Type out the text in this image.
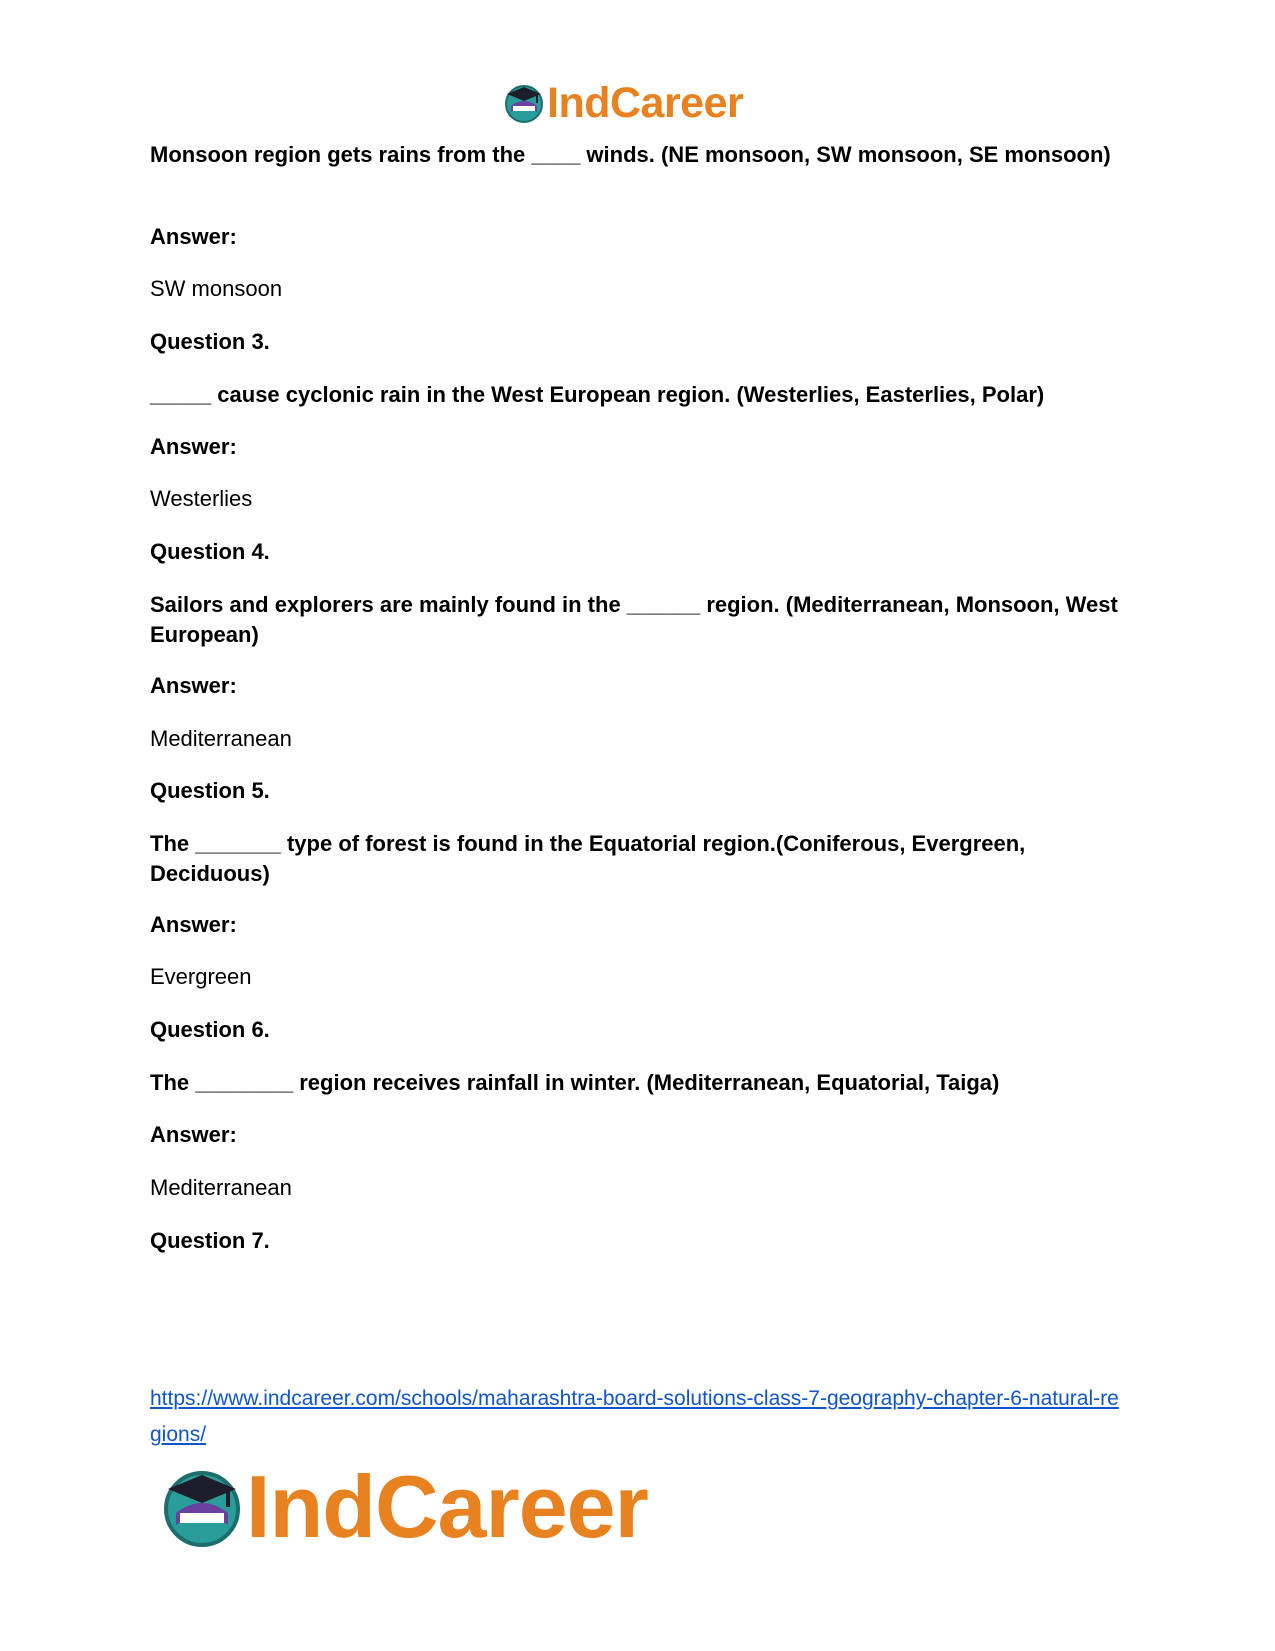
IndCareer
Monsoon region gets rains from the ____ winds. (NE monsoon, SW monsoon, SE monsoon)
Answer:
SW monsoon
Question 3.
_____ cause cyclonic rain in the West European region. (Westerlies, Easterlies, Polar)
Answer:
Westerlies
Question 4.
Sailors and explorers are mainly found in the ______ region. (Mediterranean, Monsoon, West European)
Answer:
Mediterranean
Question 5.
The _______ type of forest is found in the Equatorial region.(Coniferous, Evergreen, Deciduous)
Answer:
Evergreen
Question 6.
The ________ region receives rainfall in winter. (Mediterranean, Equatorial, Taiga)
Answer:
Mediterranean
Question 7.
https://www.indcareer.com/schools/maharashtra-board-solutions-class-7-geography-chapter-6-natural-regions/
IndCareer
